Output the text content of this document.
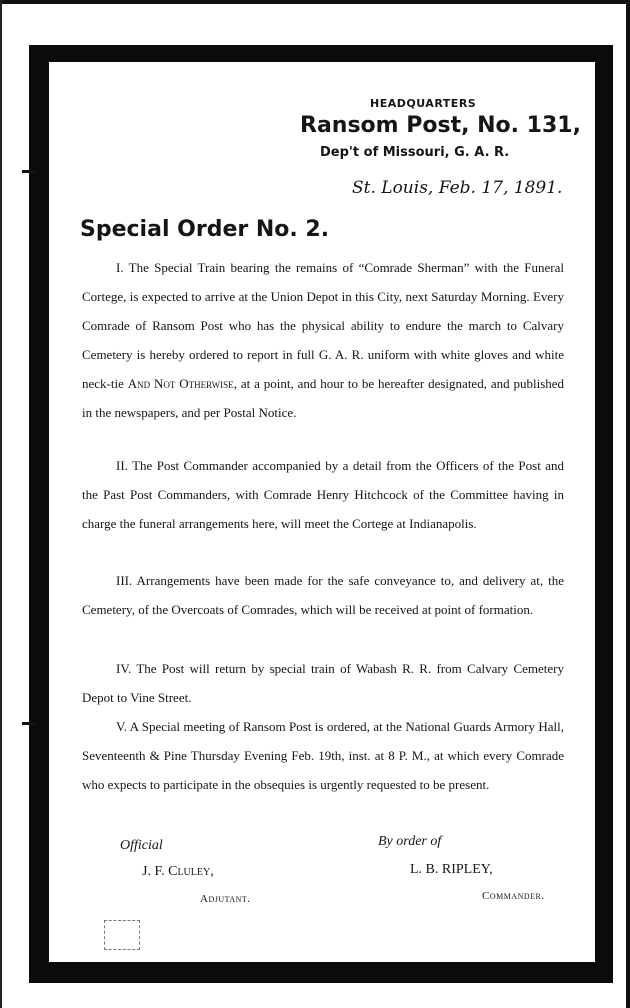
HEADQUARTERS
Ransom Post, No. 131,
Dep't of Missouri, G. A. R.
St. Louis, Feb. 17, 1891.
Special Order No. 2.
I. The Special Train bearing the remains of “Comrade Sherman” with the Funeral Cortege, is expected to arrive at the Union Depot in this City, next Saturday Morning. Every Comrade of Ransom Post who has the physical ability to endure the march to Calvary Cemetery is hereby ordered to report in full G. A. R. uniform with white gloves and white neck-tie And Not Otherwise, at a point, and hour to be hereafter designated, and published in the newspapers, and per Postal Notice.
II. The Post Commander accompanied by a detail from the Officers of the Post and the Past Post Commanders, with Comrade Henry Hitchcock of the Committee having in charge the funeral arrangements here, will meet the Cortege at Indianapolis.
III. Arrangements have been made for the safe conveyance to, and delivery at, the Cemetery, of the Overcoats of Comrades, which will be received at point of formation.
IV. The Post will return by special train of Wabash R. R. from Calvary Cemetery Depot to Vine Street.
V. A Special meeting of Ransom Post is ordered, at the National Guards Armory Hall, Seventeenth & Pine Thursday Evening Feb. 19th, inst. at 8 P. M., at which every Comrade who expects to participate in the obsequies is urgently requested to be present.
Official	By order of
J. F. Cluley,	L. B. RIPLEY,
Adjutant.	Commander.
